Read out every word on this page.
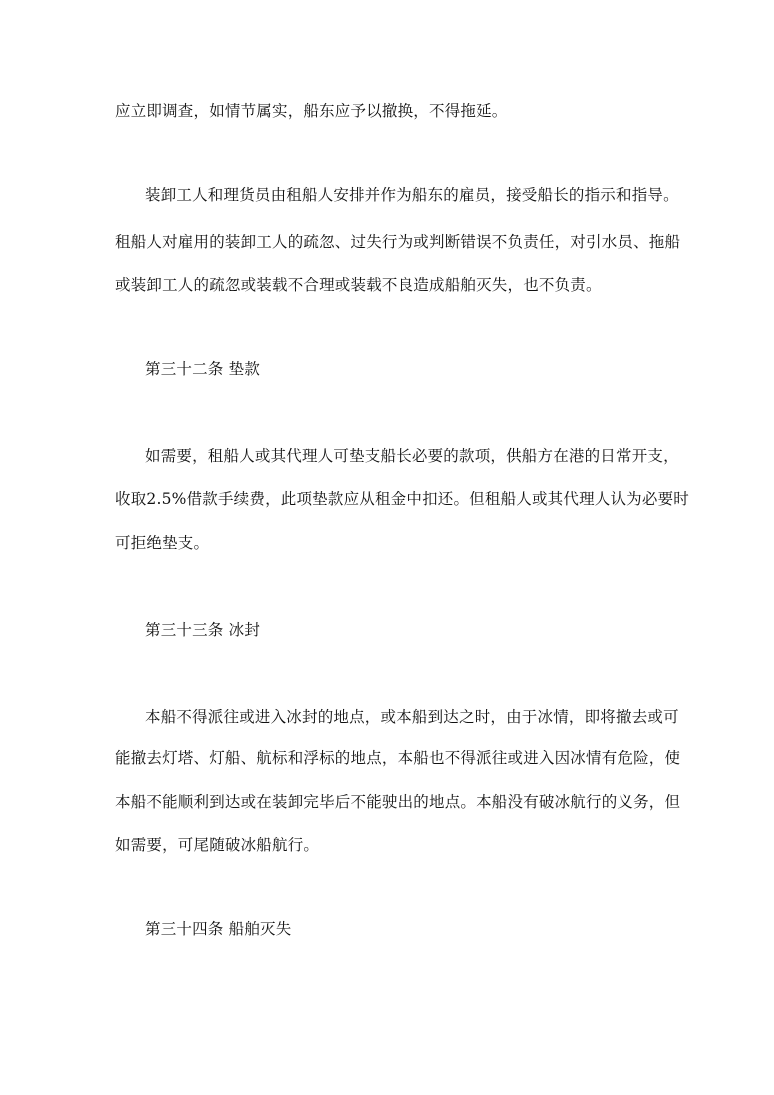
应立即调查，如情节属实，船东应予以撤换，不得拖延。
装卸工人和理货员由租船人安排并作为船东的雇员，接受船长的指示和指导。
租船人对雇用的装卸工人的疏忽、过失行为或判断错误不负责任，对引水员、拖船
或装卸工人的疏忽或装载不合理或装载不良造成船舶灭失，也不负责。
第三十二条 垫款
如需要，租船人或其代理人可垫支船长必要的款项，供船方在港的日常开支，
收取2.5%借款手续费，此项垫款应从租金中扣还。但租船人或其代理人认为必要时
可拒绝垫支。
第三十三条 冰封
本船不得派往或进入冰封的地点，或本船到达之时，由于冰情，即将撤去或可
能撤去灯塔、灯船、航标和浮标的地点，本船也不得派往或进入因冰情有危险，使
本船不能顺利到达或在装卸完毕后不能驶出的地点。本船没有破冰航行的义务，但
如需要，可尾随破冰船航行。
第三十四条 船舶灭失
